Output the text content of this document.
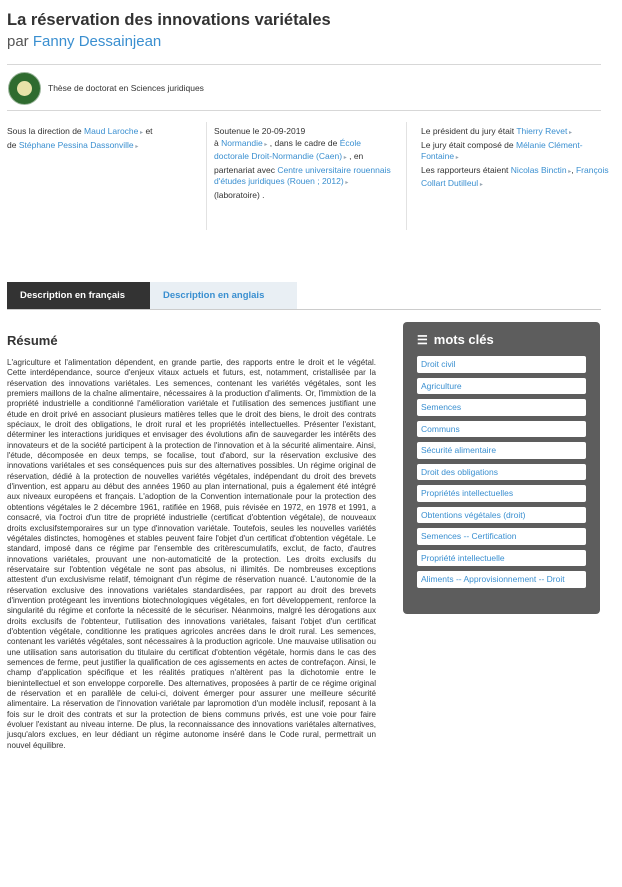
La réservation des innovations variétales
par Fanny Dessainjean
Thèse de doctorat en Sciences juridiques
Sous la direction de Maud Laroche ▸ et
de Stéphane Pessina Dassonville ▸
Soutenue le 20-09-2019
à Normandie ▸ , dans le cadre de École doctorale Droit-Normandie (Caen) ▸ , en partenariat avec Centre universitaire rouennais d'études juridiques (Rouen ; 2012) ▸ (laboratoire) .
Le président du jury était Thierry Revet ▸
Le jury était composé de Mélanie Clément-Fontaine ▸
Les rapporteurs étaient Nicolas Binctin ▸ , François Collart Dutilleul ▸
Description en français	Description en anglais
Résumé

L'agriculture et l'alimentation dépendent, en grande partie, des rapports entre le droit et le végétal. Cette interdépendance, source d'enjeux vitaux actuels et futurs, est, notamment, cristallisée par la réservation des innovations variétales. Les semences, contenant les variétés végétales, sont les premiers maillons de la chaîne alimentaire, nécessaires à la production d'aliments. Or, l'immixtion de la propriété industrielle a conditionné l'amélioration variétale et l'utilisation des semences justifiant une étude en droit privé en associant plusieurs matières telles que le droit des biens, le droit des contrats spéciaux, le droit des obligations, le droit rural et les propriétés intellectuelles. Présenter l'existant, déterminer les interactions juridiques et envisager des évolutions afin de sauvegarder les intérêts des innovateurs et de la société participent à la protection de l'innovation et à la sécurité alimentaire. Ainsi, l'étude, décomposée en deux temps, se focalise, tout d'abord, sur la réservation exclusive des innovations variétales et ses conséquences puis sur des alternatives possibles. Un régime original de réservation, dédié à la protection de nouvelles variétés végétales, indépendant du droit des brevets d'invention, est apparu au début des années 1960 au plan international, puis a également été intégré aux niveaux européens et français. L'adoption de la Convention internationale pour la protection des obtentions végétales le 2 décembre 1961, ratifiée en 1968, puis révisée en 1972, en 1978 et 1991, a consacré, via l'octroi d'un titre de propriété industrielle (certificat d'obtention végétale), de nouveaux droits exclusifstemporaires sur un type d'innovation variétale. Toutefois, seules les nouvelles variétés végétales distinctes, homogènes et stables peuvent faire l'objet d'un certificat d'obtention végétale. Le standard, imposé dans ce régime par l'ensemble des critèrescumulatifs, exclut, de facto, d'autres innovations variétales, prouvant une non-automaticité de la protection. Les droits exclusifs du réservataire sur l'obtention végétale ne sont pas absolus, ni illimités. De nombreuses exceptions attestent d'un exclusivisme relatif, témoignant d'un régime de réservation nuancé. L'autonomie de la réservation exclusive des innovations variétales standardisées, par rapport au droit des brevets d'invention protégeant les inventions biotechnologiques végétales, en fort développement, renforce la singularité du régime et conforte la nécessité de le sécuriser. Néanmoins, malgré les dérogations aux droits exclusifs de l'obtenteur, l'utilisation des innovations variétales, faisant l'objet d'un certificat d'obtention végétale, conditionne les pratiques agricoles ancrées dans le droit rural. Les semences, contenant les variétés végétales, sont nécessaires à la production agricole. Une mauvaise utilisation ou une utilisation sans autorisation du titulaire du certificat d'obtention végétale, hormis dans le cas des semences de ferme, peut justifier la qualification de ces agissements en actes de contrefaçon. Ainsi, le champ d'application spécifique et les réalités pratiques n'altèrent pas la dichotomie entre le bienintellectuel et son enveloppe corporelle. Des alternatives, proposées à partir de ce régime original de réservation et en parallèle de celui-ci, doivent émerger pour assurer une meilleure sécurité alimentaire. La réservation de l'innovation variétale par lapromotion d'un modèle inclusif, reposant à la fois sur le droit des contrats et sur la protection de biens communs privés, est une voie pour faire évoluer l'existant au niveau interne. De plus, la reconnaissance des innovations variétales alternatives, jusqu'alors exclues, en leur dédiant un régime autonome inséré dans le Code rural, permettrait un nouvel équilibre.

☰ mots clés
Droit civil
Agriculture
Semences
Communs
Sécurité alimentaire
Droit des obligations
Propriétés intellectuelles
Obtentions végétales (droit)
Semences -- Certification
Propriété intellectuelle
Aliments -- Approvisionnement -- Droit
